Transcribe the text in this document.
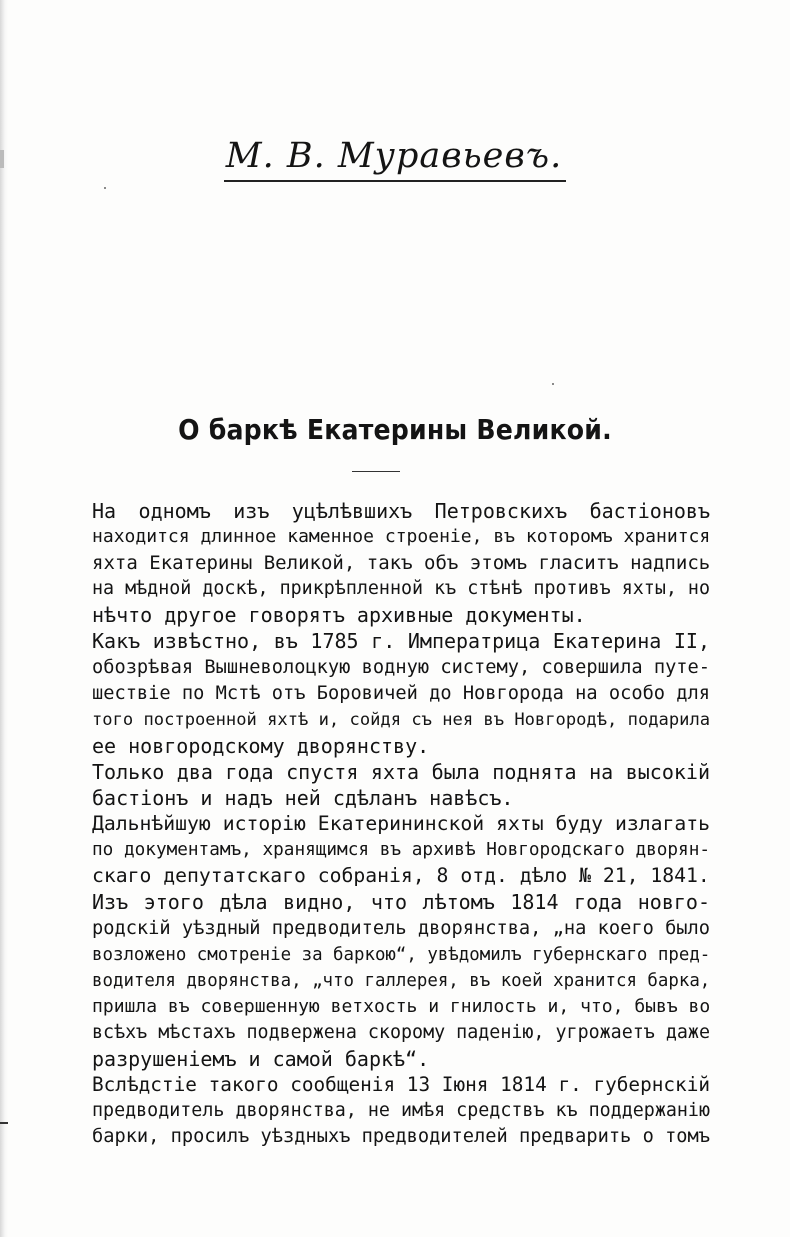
М. В. Муравьевъ.
О баркѣ Екатерины Великой.
На одномъ изъ уцѣлѣвшихъ Петровскихъ бастіоновъ
находится длинное каменное строеніе, въ которомъ хранится
яхта Екатерины Великой, такъ объ этомъ гласитъ надпись
на мѣдной доскѣ, прикрѣпленной къ стѣнѣ противъ яхты, но
нѣчто другое говорятъ архивные документы.
Какъ извѣстно, въ 1785 г. Императрица Екатерина II,
обозрѣвая Вышневолоцкую водную систему, совершила путе-
шествіе по Мстѣ отъ Боровичей до Новгорода на особо для
того построенной яхтѣ и, сойдя съ нея въ Новгородѣ, подарила
ее новгородскому дворянству.
Только два года спустя яхта была поднята на высокій
бастіонъ и надъ ней сдѣланъ навѣсъ.
Дальнѣйшую исторію Екатерининской яхты буду излагать
по документамъ, хранящимся въ архивѣ Новгородскаго дворян-
скаго депутатскаго собранія, 8 отд. дѣло № 21, 1841.
Изъ этого дѣла видно, что лѣтомъ 1814 года новго-
родскій уѣздный предводитель дворянства, „на коего было
возложено смотреніе за баркою“, увѣдомилъ губернскаго пред-
водителя дворянства, „что галлерея, въ коей хранится барка,
пришла въ совершенную ветхость и гнилость и, что, бывъ во
всѣхъ мѣстахъ подвержена скорому паденію, угрожаетъ даже
разрушеніемъ и самой баркѣ“.
Вслѣдстіе такого сообщенія 13 Іюня 1814 г. губернскій
предводитель дворянства, не имѣя средствъ къ поддержанію
барки, просилъ уѣздныхъ предводителей предварить о томъ
